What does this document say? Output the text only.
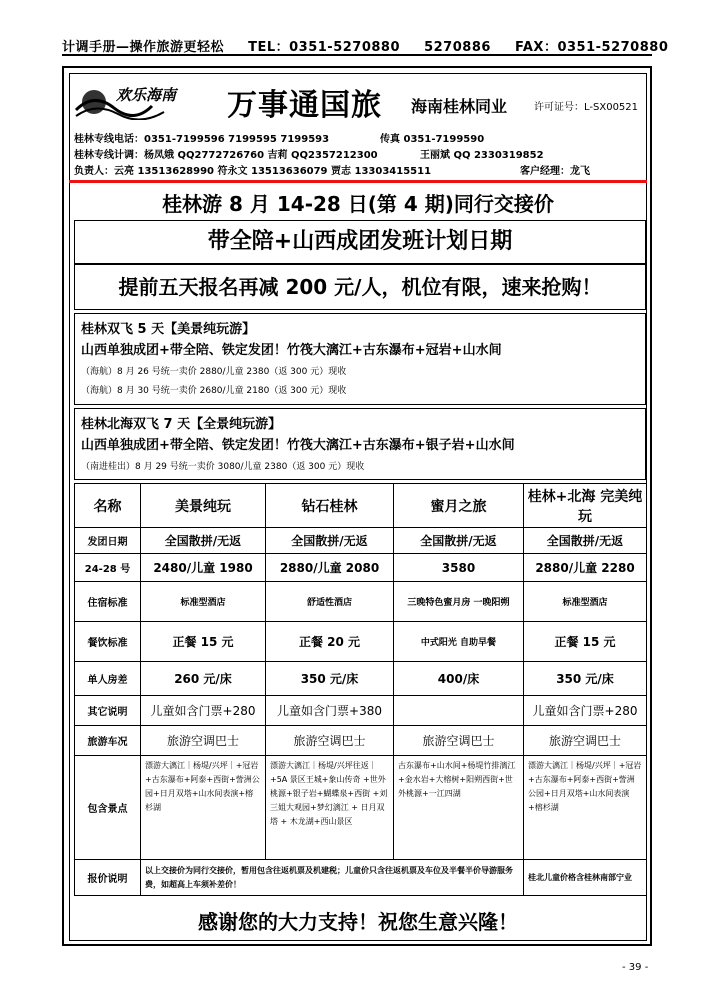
计调手册—操作旅游更轻松 TEL：0351-5270880 5270886 FAX：0351-5270880
欢乐海南 万事通国旅 海南桂林同业	许可证号：L-SX00521
桂林专线电话：0351-7199596 7199595 7199593	传真 0351-7199590
桂林专线计调：杨凤娥 QQ2772726760 吉莉 QQ2357212300	王丽斌 QQ 2330319852
负责人：云亮 13513628990 符永文 13513636079 贾志 13303415511	客户经理：龙飞
桂林游 8 月 14-28 日(第 4 期)同行交接价
带全陪+山西成团发班计划日期
提前五天报名再减 200 元/人，机位有限，速来抢购！
桂林双飞 5 天【美景纯玩游】
山西单独成团+带全陪、铁定发团！竹筏大漓江+古东瀑布+冠岩+山水间
（海航）8 月 26 号统一卖价 2880/儿童 2380（返 300 元）现收
（海航）8 月 30 号统一卖价 2680/儿童 2180（返 300 元）现收
桂林北海双飞 7 天【全景纯玩游】
山西单独成团+带全陪、铁定发团！竹筏大漓江+古东瀑布+银子岩+山水间
（南进桂出）8 月 29 号统一卖价 3080/儿童 2380（返 300 元）现收
名称	美景纯玩	钻石桂林	蜜月之旅	桂林+北海 完美纯玩
发团日期	全国散拼/无返	全国散拼/无返	全国散拼/无返	全国散拼/无返
24-28 号	2480/儿童 1980	2880/儿童 2080	3580	2880/儿童 2280
住宿标准	标准型酒店	舒适性酒店	三晚特色蜜月房 一晚阳朔	标准型酒店
餐饮标准	正餐 15 元	正餐 20 元	中式阳光 自助早餐	正餐 15 元
单人房差	260 元/床	350 元/床	400/床	350 元/床
其它说明	儿童如含门票+280	儿童如含门票+380		儿童如含门票+280
旅游车况	旅游空调巴士	旅游空调巴士	旅游空调巴士	旅游空调巴士
包含景点	漂游大漓江｜杨堤/兴坪｜+冠岩+古东瀑布+阿泰+西街+訾洲公园+日月双塔+山水间表演+榕杉湖	漂游大漓江｜杨堤/兴坪往返｜+5A 景区王城+象山传奇 +世外桃源+银子岩+蝴蝶泉+西街 +刘三姐大观园+梦幻漓江 + 日月双塔 + 木龙湖+西山景区	古东瀑布+山水间+杨堤竹排漓江 +金水岩+大榕树+阳朔西街+世外桃源+一江四湖	漂游大漓江｜杨堤/兴坪｜+冠岩+古东瀑布+阿泰+西街+訾洲公园+日月双塔+山水间表演+榕杉湖
报价说明	以上交接价为同行交接价，暂用包含往返机票及机建税；儿童价只含往返机票及车位及半餐半价导游服务费，如超高上车须补差价！			桂北儿童价格含桂林南部宁业
感谢您的大力支持！祝您生意兴隆！
- 39 -
